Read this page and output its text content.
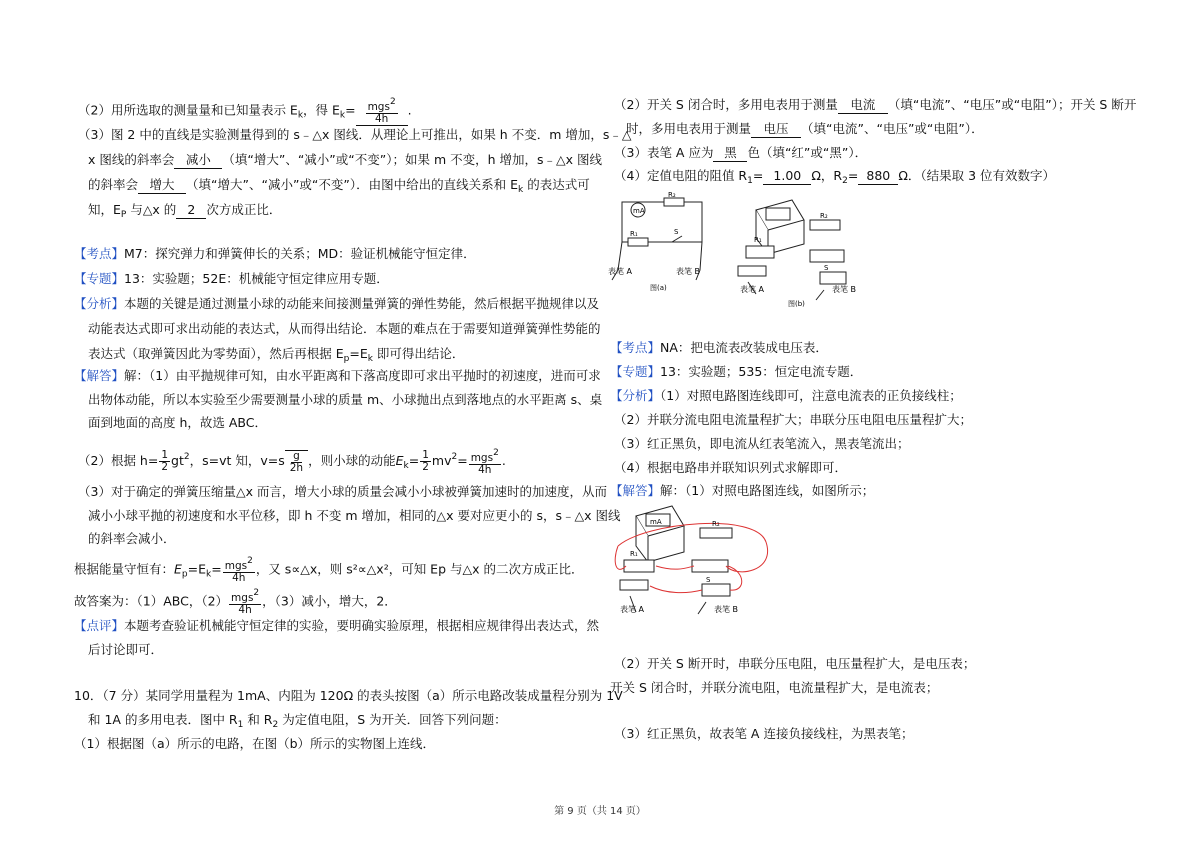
（2）用所选取的测量量和已知量表示 $E_k$，得 $E_k= \frac{\text{mgs2}}{4h}$ .
（3）图 2 中的直线是实验测量得到的 s﹣△x 图线．从理论上可推出，如果 h 不变．m 增加，s﹣△
x 图线的斜率会 减小 （填“增大”、“减小”或“不变”）；如果 m 不变，h 增加，s﹣△x 图线
的斜率会 增大 （填“增大”、“减小”或“不变”）．由图中给出的直线关系和 $E_k$ 的表达式可
知，$E_P$ 与△x 的 2 次方成正比．
【考点】M7：探究弹力和弹簧伸长的关系；MD：验证机械能守恒定律．
【专题】13：实验题；52E：机械能守恒定律应用专题．
【分析】本题的关键是通过测量小球的动能来间接测量弹簧的弹性势能，然后根据平抛规律以及
动能表达式即可求出动能的表达式，从而得出结论．本题的难点在于需要知道弹簧弹性势能的
表达式（取弹簧因此为零势面），然后再根据 $E_p=E_k$ 即可得出结论．
【解答】解：（1）由平抛规律可知，由水平距离和下落高度即可求出平抛时的初速度，进而可求
出物体动能，所以本实验至少需要测量小球的质量 m、小球抛出点到落地点的水平距离 s、桌
面到地面的高度 h，故选 ABC．
（2）根据 $h= \frac{1}{2} gt^2$，s=vt 知，$v=s \frac{g}{2h}$ ，则小球的动能$E_k= \frac{1}{2} mv^2= \frac{\text{mgs2}}{4h}$ .
（3）对于确定的弹簧压缩量△x 而言，增大小球的质量会减小小球被弹簧加速时的加速度，从而
减小小球平抛的初速度和水平位移，即 h 不变 m 增加，相同的△x 要对应更小的 s，s﹣△x 图线
的斜率会减小．
根据能量守恒有：$E_p=E_k= \frac{\text{mgs2}}{4h}$ ，又 s∝△x，则 s²∝△x²，可知 Ep 与△x 的二次方成正比．
故答案为：（1）ABC，$(2) \frac{\text{mgs2}}{4h}$ ，（3）减小，增大，2．
【点评】本题考查验证机械能守恒定律的实验，要明确实验原理，根据相应规律得出表达式，然
后讨论即可．
10．（7 分）某同学用量程为 1mA、内阻为 120Ω 的表头按图（a）所示电路改装成量程分别为 1V
和 1A 的多用电表．图中 $R_1$ 和 $R_2$ 为定值电阻，S 为开关．回答下列问题：
（1）根据图（a）所示的电路，在图（b）所示的实物图上连线．
（2）开关 S 闭合时，多用电表用于测量 电流 （填“电流”、“电压”或“电阻”）；开关 S 断开
时，多用电表用于测量 电压 （填“电流”、“电压”或“电阻”）．
（3）表笔 A 应为 黑 色（填“红”或“黑”）．
（4）定值电阻的阻值 $R_1= 1.00$ Ω，$R_2= 880$ Ω．（结果取 3 位有效数字）
mA
R₂
R₁	S
表笔 A	表笔 B
图(a)
R₂
R₁
S
表笔 A	表笔 B
图(b)
【考点】NA：把电流表改装成电压表．
【专题】13：实验题；535：恒定电流专题．
【分析】（1）对照电路图连线即可，注意电流表的正负接线柱；
（2）并联分流电阻电流量程扩大；串联分压电阻电压量程扩大；
（3）红正黑负，即电流从红表笔流入，黑表笔流出；
（4）根据电路串并联知识列式求解即可．
【解答】解：（1）对照电路图连线，如图所示；
R₂
R₁
mA
S
表笔 A	表笔 B
（2）开关 S 断开时，串联分压电阻，电压量程扩大，是电压表；
开关 S 闭合时，并联分流电阻，电流量程扩大，是电流表；
（3）红正黑负，故表笔 A 连接负接线柱，为黑表笔；
第 9 页（共 14 页）
